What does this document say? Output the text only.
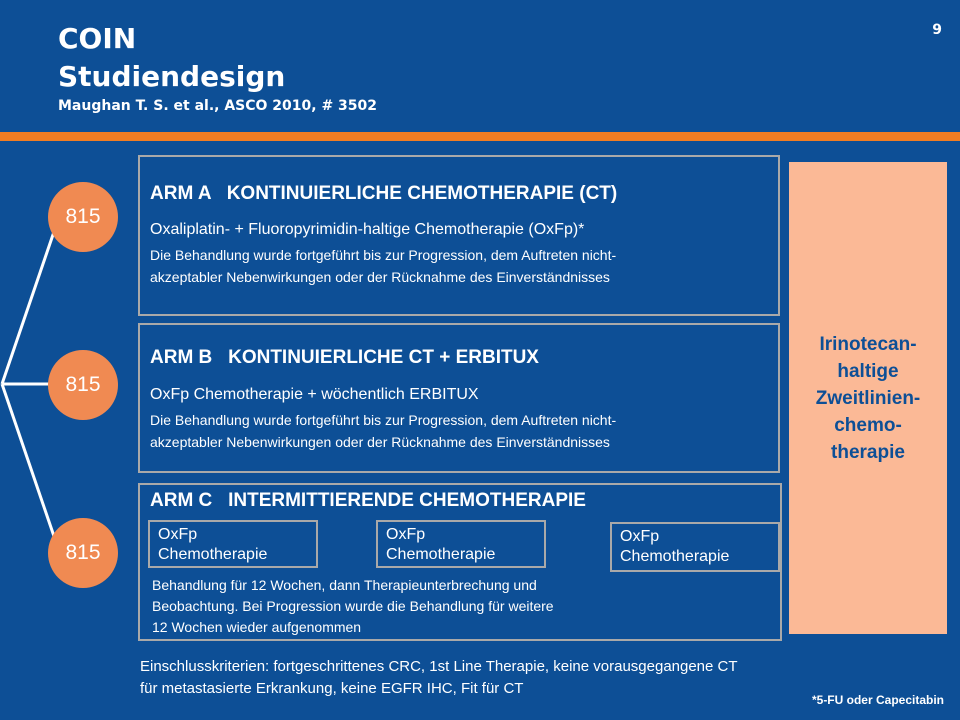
COIN
Studiendesign
Maughan T. S. et al., ASCO 2010, # 3502
9
815
815
815
ARM A   KONTINUIERLICHE CHEMOTHERAPIE (CT)
Oxaliplatin- + Fluoropyrimidin-haltige Chemotherapie (OxFp)*
Die Behandlung wurde fortgeführt bis zur Progression, dem Auftreten nicht-
akzeptabler Nebenwirkungen oder der Rücknahme des Einverständnisses
ARM B   KONTINUIERLICHE CT + ERBITUX
OxFp Chemotherapie + wöchentlich ERBITUX
Die Behandlung wurde fortgeführt bis zur Progression, dem Auftreten nicht-
akzeptabler Nebenwirkungen oder der Rücknahme des Einverständnisses
ARM C   INTERMITTIERENDE CHEMOTHERAPIE
OxFp
Chemotherapie
OxFp
Chemotherapie
OxFp
Chemotherapie
Behandlung für 12 Wochen, dann Therapieunterbrechung und
Beobachtung. Bei Progression wurde die Behandlung für weitere
12 Wochen wieder aufgenommen
Irinotecan-
haltige
Zweitlinien-
chemo-
therapie
Einschlusskriterien: fortgeschrittenes CRC, 1st Line Therapie, keine vorausgegangene CT
für metastasierte Erkrankung, keine EGFR IHC, Fit für CT
*5-FU oder Capecitabin
